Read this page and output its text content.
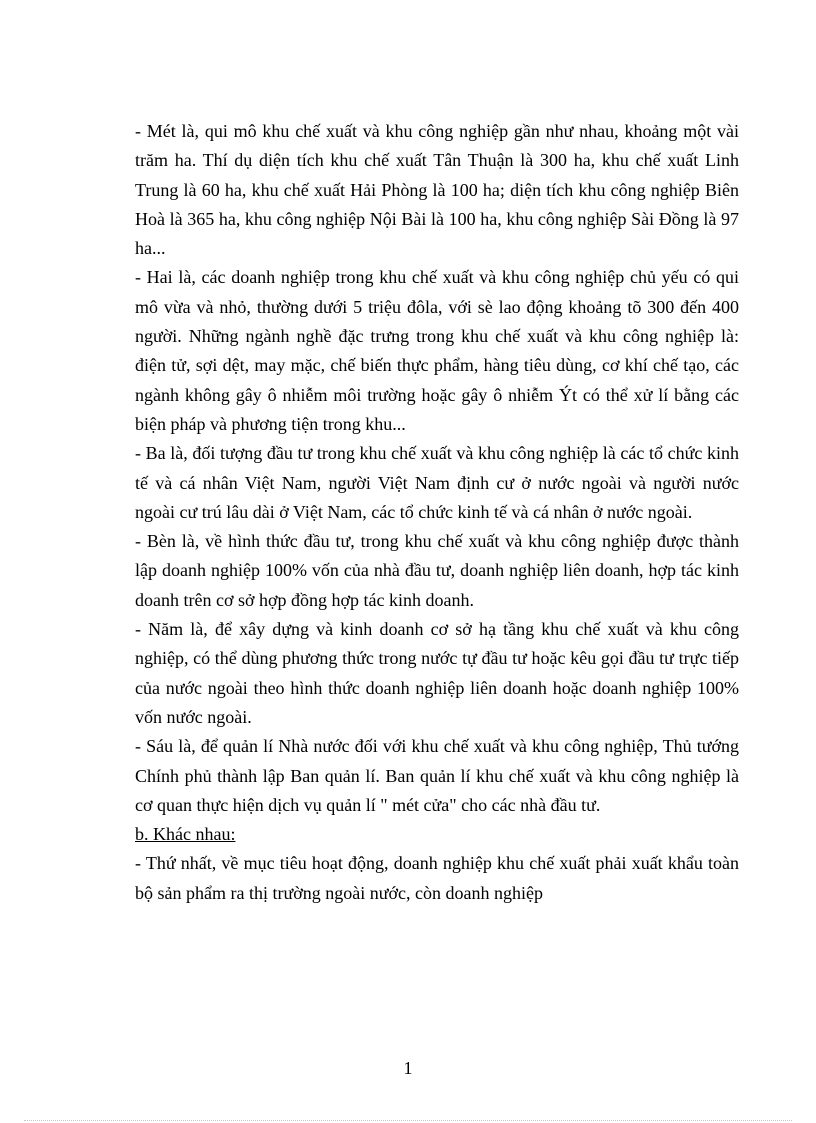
- Mét là, qui mô khu chế xuất và khu công nghiệp gần như nhau, khoảng một vài trăm ha. Thí dụ diện tích khu chế xuất Tân Thuận là 300 ha, khu chế xuất Linh Trung là 60 ha, khu chế xuất Hải Phòng là 100 ha; diện tích khu công nghiệp Biên Hoà là 365 ha, khu công nghiệp Nội Bài là 100 ha, khu công nghiệp Sài Đồng là 97 ha...

- Hai là, các doanh nghiệp trong khu chế xuất và khu công nghiệp chủ yếu có qui mô vừa và nhỏ, thường dưới 5 triệu đôla, với sè lao động khoảng tõ 300 đến 400 người. Những ngành nghề đặc trưng trong khu chế xuất và khu công nghiệp là: điện tử, sợi dệt, may mặc, chế biến thực phẩm, hàng tiêu dùng, cơ khí chế tạo, các ngành không gây ô nhiễm môi trường hoặc gây ô nhiễm Ýt có thể xử lí bằng các biện pháp và phương tiện trong khu...

- Ba là, đối tượng đầu tư trong khu chế xuất và khu công nghiệp là các tổ chức kinh tế và cá nhân Việt Nam, người Việt Nam định cư ở nước ngoài và người nước ngoài cư trú lâu dài ở Việt Nam, các tổ chức kinh tế và cá nhân ở nước ngoài.

- Bèn là, về hình thức đầu tư, trong khu chế xuất và khu công nghiệp được thành lập doanh nghiệp 100% vốn của nhà đầu tư, doanh nghiệp liên doanh, hợp tác kinh doanh trên cơ sở hợp đồng hợp tác kinh doanh.

- Năm là, để xây dựng và kinh doanh cơ sở hạ tầng khu chế xuất và khu công nghiệp, có thể dùng phương thức trong nước tự đầu tư hoặc kêu gọi đầu tư trực tiếp của nước ngoài theo hình thức doanh nghiệp liên doanh hoặc doanh nghiệp 100% vốn nước ngoài.

- Sáu là, để quản lí Nhà nước đối với khu chế xuất và khu công nghiệp, Thủ tướng Chính phủ thành lập Ban quản lí. Ban quản lí khu chế xuất và khu công nghiệp là cơ quan thực hiện dịch vụ quản lí " mét cửa" cho các nhà đầu tư.

b. Khác nhau:

- Thứ nhất, về mục tiêu hoạt động, doanh nghiệp khu chế xuất phải xuất khẩu toàn bộ sản phẩm ra thị trường ngoài nước, còn doanh nghiệp

1
